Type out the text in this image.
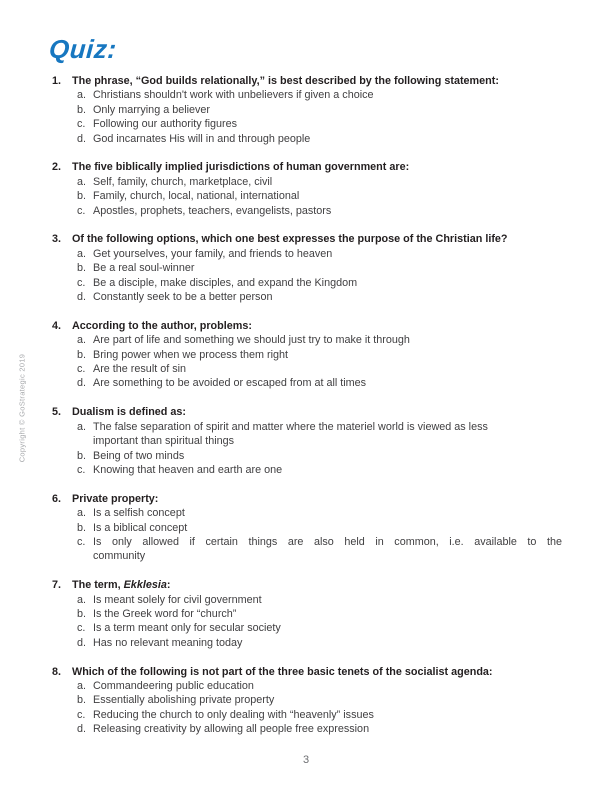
Copyright © GoStrategic 2019
Quiz:
1.	The phrase, “God builds relationally,” is best described by the following statement:
a. Christians shouldn't work with unbelievers if given a choice
b. Only marrying a believer
c. Following our authority figures
d. God incarnates His will in and through people
2.	The five biblically implied jurisdictions of human government are:
a. Self, family, church, marketplace, civil
b. Family, church, local, national, international
c. Apostles, prophets, teachers, evangelists, pastors
3.	Of the following options, which one best expresses the purpose of the Christian life?
a. Get yourselves, your family, and friends to heaven
b. Be a real soul-winner
c. Be a disciple, make disciples, and expand the Kingdom
d. Constantly seek to be a better person
4.	According to the author, problems:
a. Are part of life and something we should just try to make it through
b. Bring power when we process them right
c. Are the result of sin
d. Are something to be avoided or escaped from at all times
5.	Dualism is defined as:
a. The false separation of spirit and matter where the materiel world is viewed as less
important than spiritual things
b. Being of two minds
c. Knowing that heaven and earth are one
6.	Private property:
a. Is a selfish concept
b. Is a biblical concept
c. Is only allowed if certain things are also held in common, i.e. available to the
community
7.	The term, Ekklesia:
a. Is meant solely for civil government
b. Is the Greek word for “church”
c. Is a term meant only for secular society
d. Has no relevant meaning today
8.	Which of the following is not part of the three basic tenets of the socialist agenda:
a. Commandeering public education
b. Essentially abolishing private property
c. Reducing the church to only dealing with “heavenly” issues
d. Releasing creativity by allowing all people free expression
3
